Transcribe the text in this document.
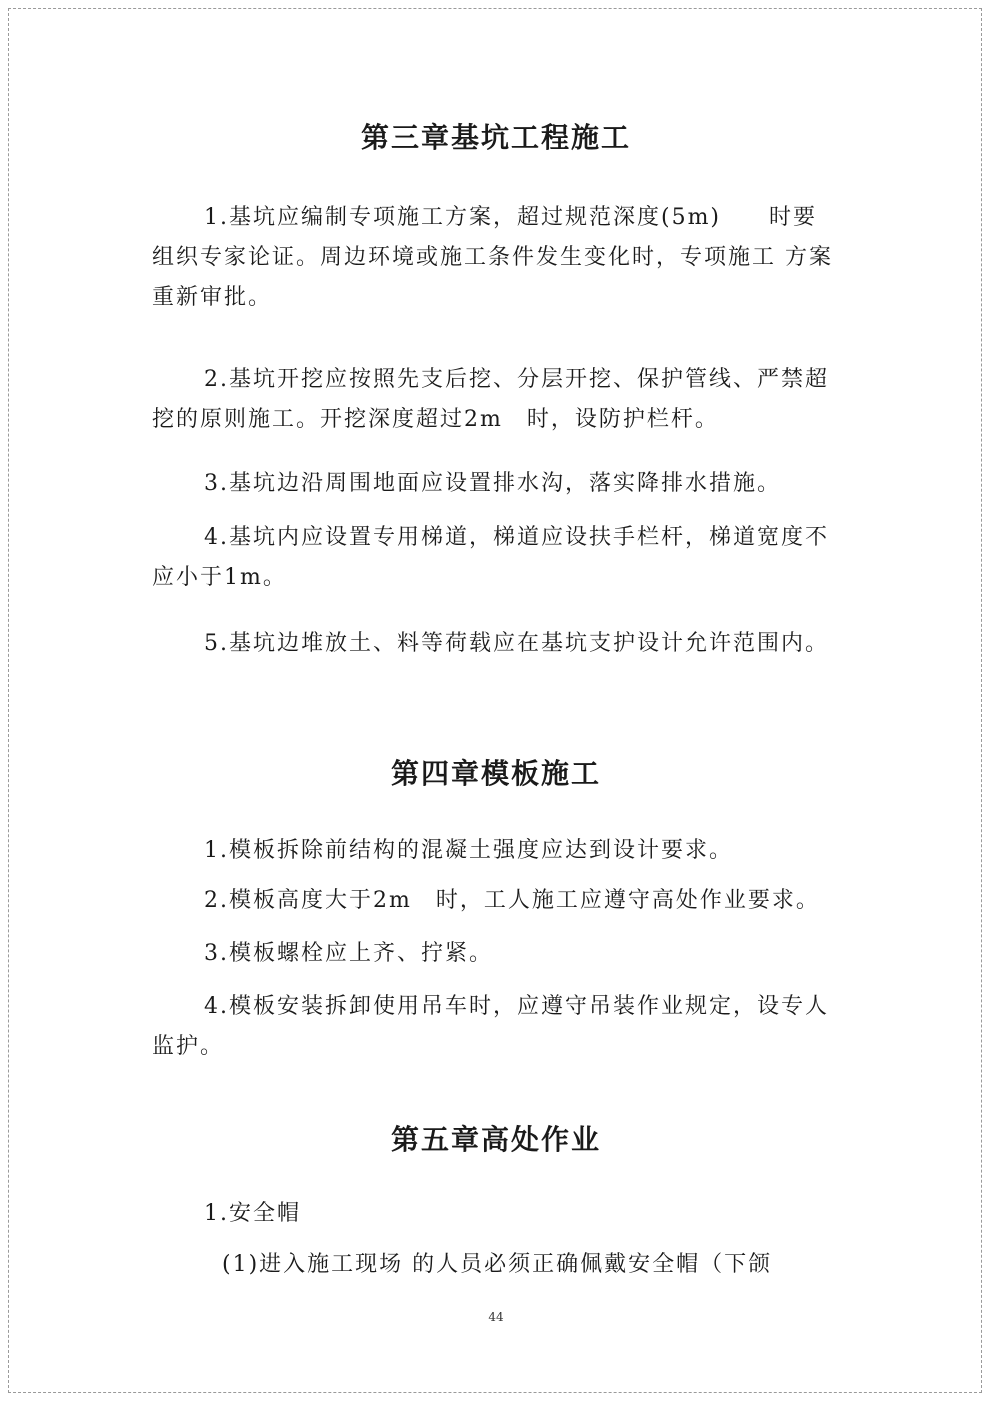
第三章基坑工程施工

1.基坑应编制专项施工方案，超过规范深度(5m)　　时要 组织专家论证。周边环境或施工条件发生变化时，专项施工 方案重新审批。

2.基坑开挖应按照先支后挖、分层开挖、保护管线、严禁超挖的原则施工。开挖深度超过2m　时，设防护栏杆。

3.基坑边沿周围地面应设置排水沟，落实降排水措施。

4.基坑内应设置专用梯道，梯道应设扶手栏杆，梯道宽度不应小于1m。

5.基坑边堆放土、料等荷载应在基坑支护设计允许范围内。

第四章模板施工

1.模板拆除前结构的混凝土强度应达到设计要求。

2.模板高度大于2m　时，工人施工应遵守高处作业要求。

3.模板螺栓应上齐、拧紧。

4.模板安装拆卸使用吊车时，应遵守吊装作业规定，设专人监护。

第五章高处作业

1.安全帽

(1)进入施工现场 的人员必须正确佩戴安全帽（下颌

44
